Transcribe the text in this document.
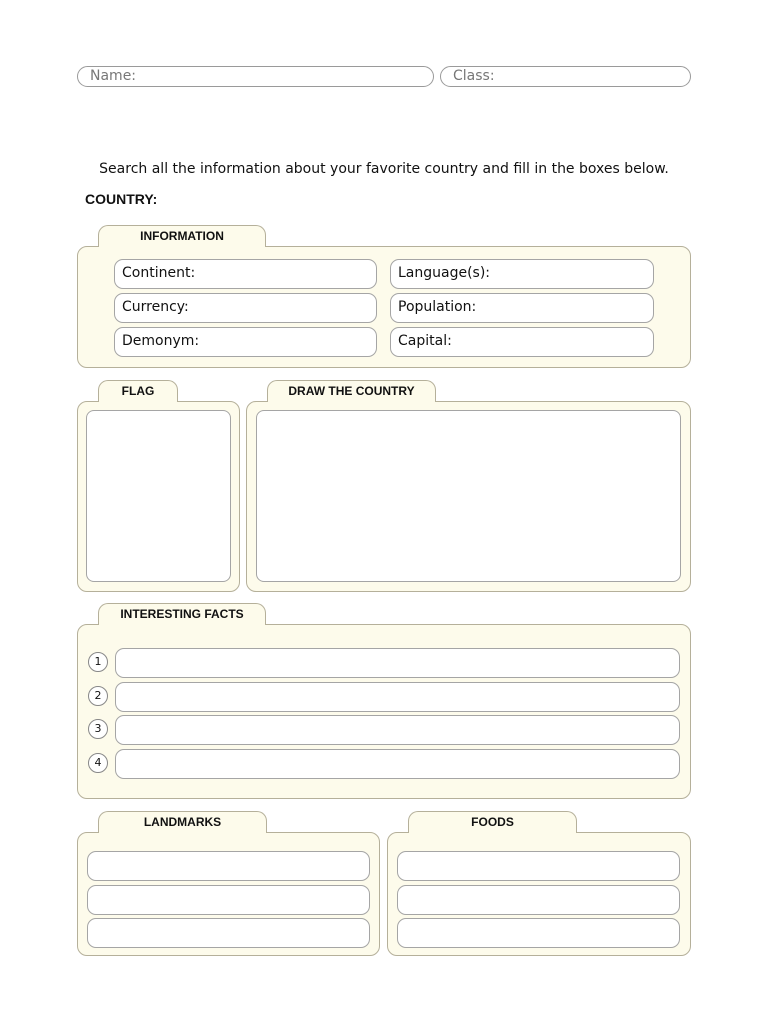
Name:	Class:
Search all the information about your favorite country and fill in the boxes below.
COUNTRY:
INFORMATION
Continent:	Language(s):
Currency:	Population:
Demonym:	Capital:
FLAG	DRAW THE COUNTRY
INTERESTING FACTS
1
2
3
4
LANDMARKS	FOODS
